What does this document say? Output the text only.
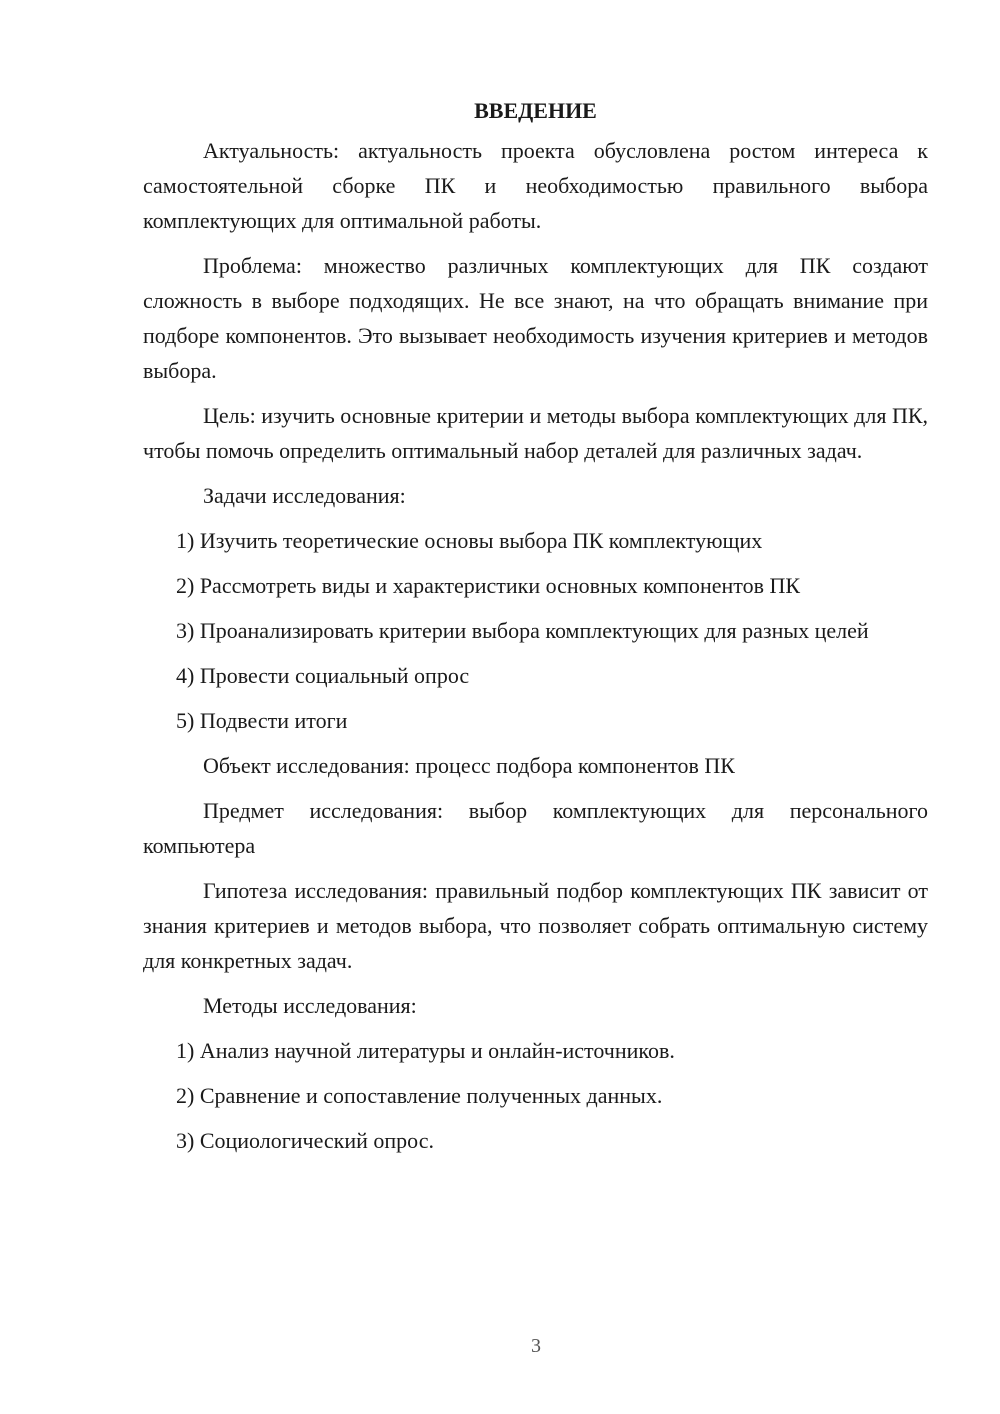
ВВЕДЕНИЕ

Актуальность: актуальность проекта обусловлена ростом интереса к самостоятельной сборке ПК и необходимостью правильного выбора комплектующих для оптимальной работы.

Проблема: множество различных комплектующих для ПК создают сложность в выборе подходящих. Не все знают, на что обращать внимание при подборе компонентов. Это вызывает необходимость изучения критериев и методов выбора.

Цель: изучить основные критерии и методы выбора комплектующих для ПК, чтобы помочь определить оптимальный набор деталей для различных задач.

Задачи исследования:

1) Изучить теоретические основы выбора ПК комплектующих

2) Рассмотреть виды и характеристики основных компонентов ПК

3) Проанализировать критерии выбора комплектующих для разных целей

4) Провести социальный опрос

5) Подвести итоги

Объект исследования: процесс подбора компонентов ПК

Предмет исследования: выбор комплектующих для персонального компьютера

Гипотеза исследования: правильный подбор комплектующих ПК зависит от знания критериев и методов выбора, что позволяет собрать оптимальную систему для конкретных задач.

Методы исследования:

1) Анализ научной литературы и онлайн-источников.

2) Сравнение и сопоставление полученных данных.

3) Социологический опрос.

3
